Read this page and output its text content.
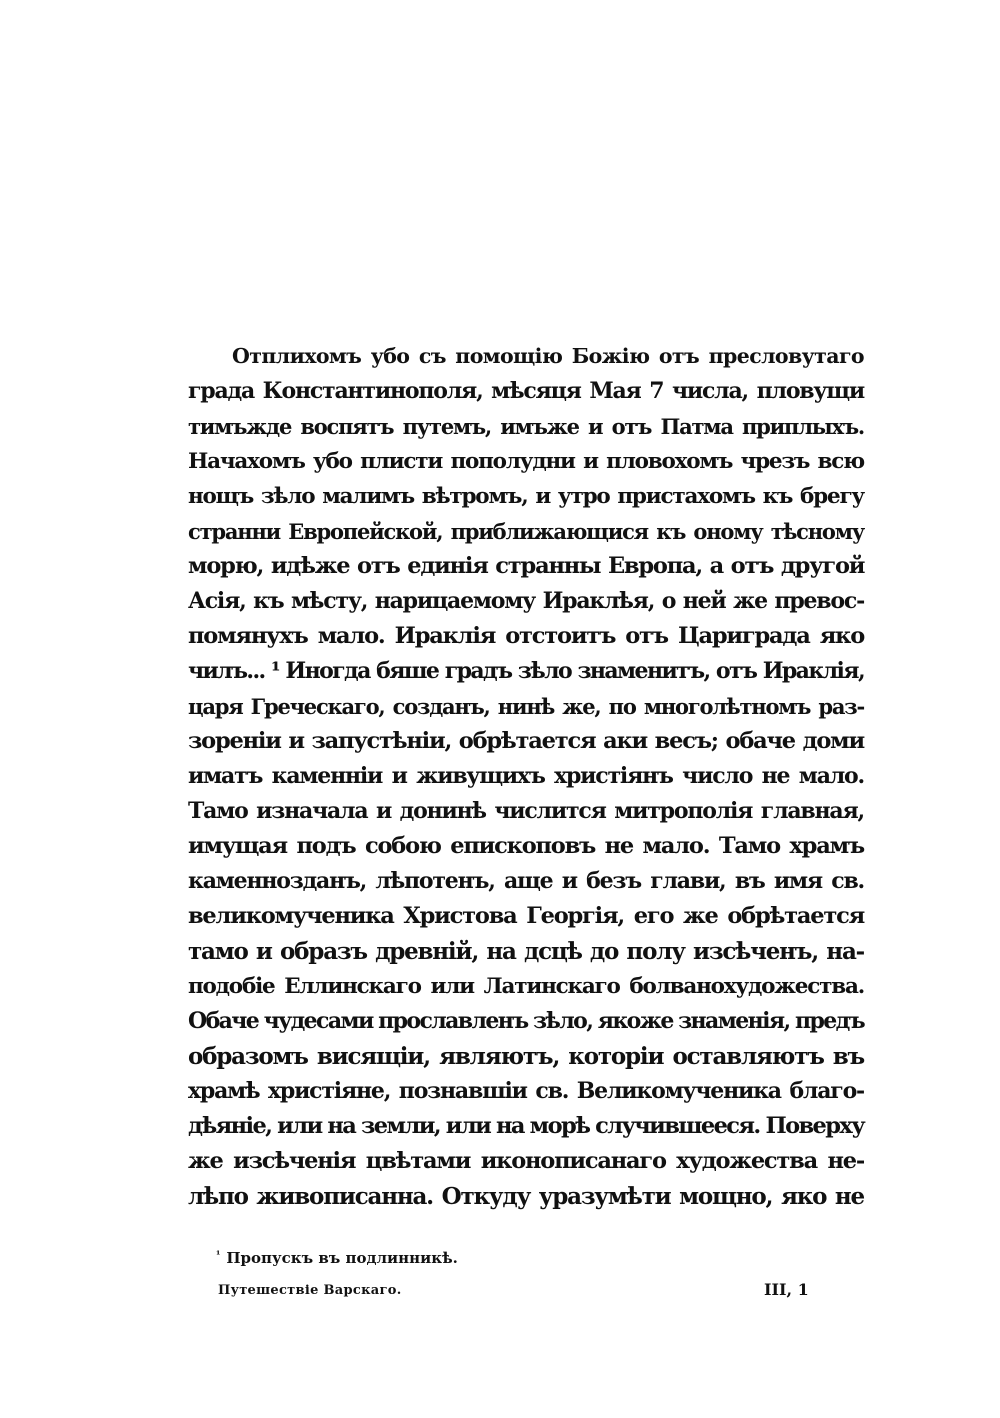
Отплихомъ убо съ помощію Божію отъ пресловутаго
града Константинополя, мѣсяця Мая 7 числа, пловущи
тимъжде воспятъ путемъ, имъже и отъ Патма приплыхъ.
Начахомъ убо плисти пополудни и пловохомъ чрезъ всю
нощъ зѣло малимъ вѣтромъ, и утро пристахомъ къ брегу
странни Европейской, приближающися къ оному тѣсному
морю, идѣже отъ единія странны Европа, а отъ другой
Асія, къ мѣсту, нарицаемому Ираклѣя, о ней же превос-
помянухъ мало. Ираклія отстоитъ отъ Цариграда яко
чилъ... ¹ Иногда бяше градъ зѣло знаменитъ, отъ Ираклія,
царя Греческаго, созданъ, нинѣ же, по многолѣтномъ раз-
зореніи и запустѣніи, обрѣтается аки весъ; обаче доми
иматъ каменніи и живущихъ христіянъ число не мало.
Тамо изначала и донинѣ числится митрополія главная,
имущая подъ собою епископовъ не мало. Тамо храмъ
каменнозданъ, лѣпотенъ, аще и безъ глави, въ имя св.
великомученика Христова Георгія, его же обрѣтается
тамо и образъ древній, на дсцѣ до полу изсѣченъ, на-
подобіе Еллинскаго или Латинскаго болванохудожества.
Обаче чудесами прославленъ зѣло, якоже знаменія, предъ
образомъ висящіи, являютъ, которіи оставляютъ въ
храмѣ христіяне, познавшіи св. Великомученика благо-
дѣяніе, или на земли, или на морѣ случившееся. Поверху
же изсѣченія цвѣтами иконописанаго художества не-
лѣпо живописанна. Откуду уразумѣти мощно, яко не
$^{^1}$ Пропускъ въ подлинникѣ.
Путешествіе Варскаго.	III, 1
